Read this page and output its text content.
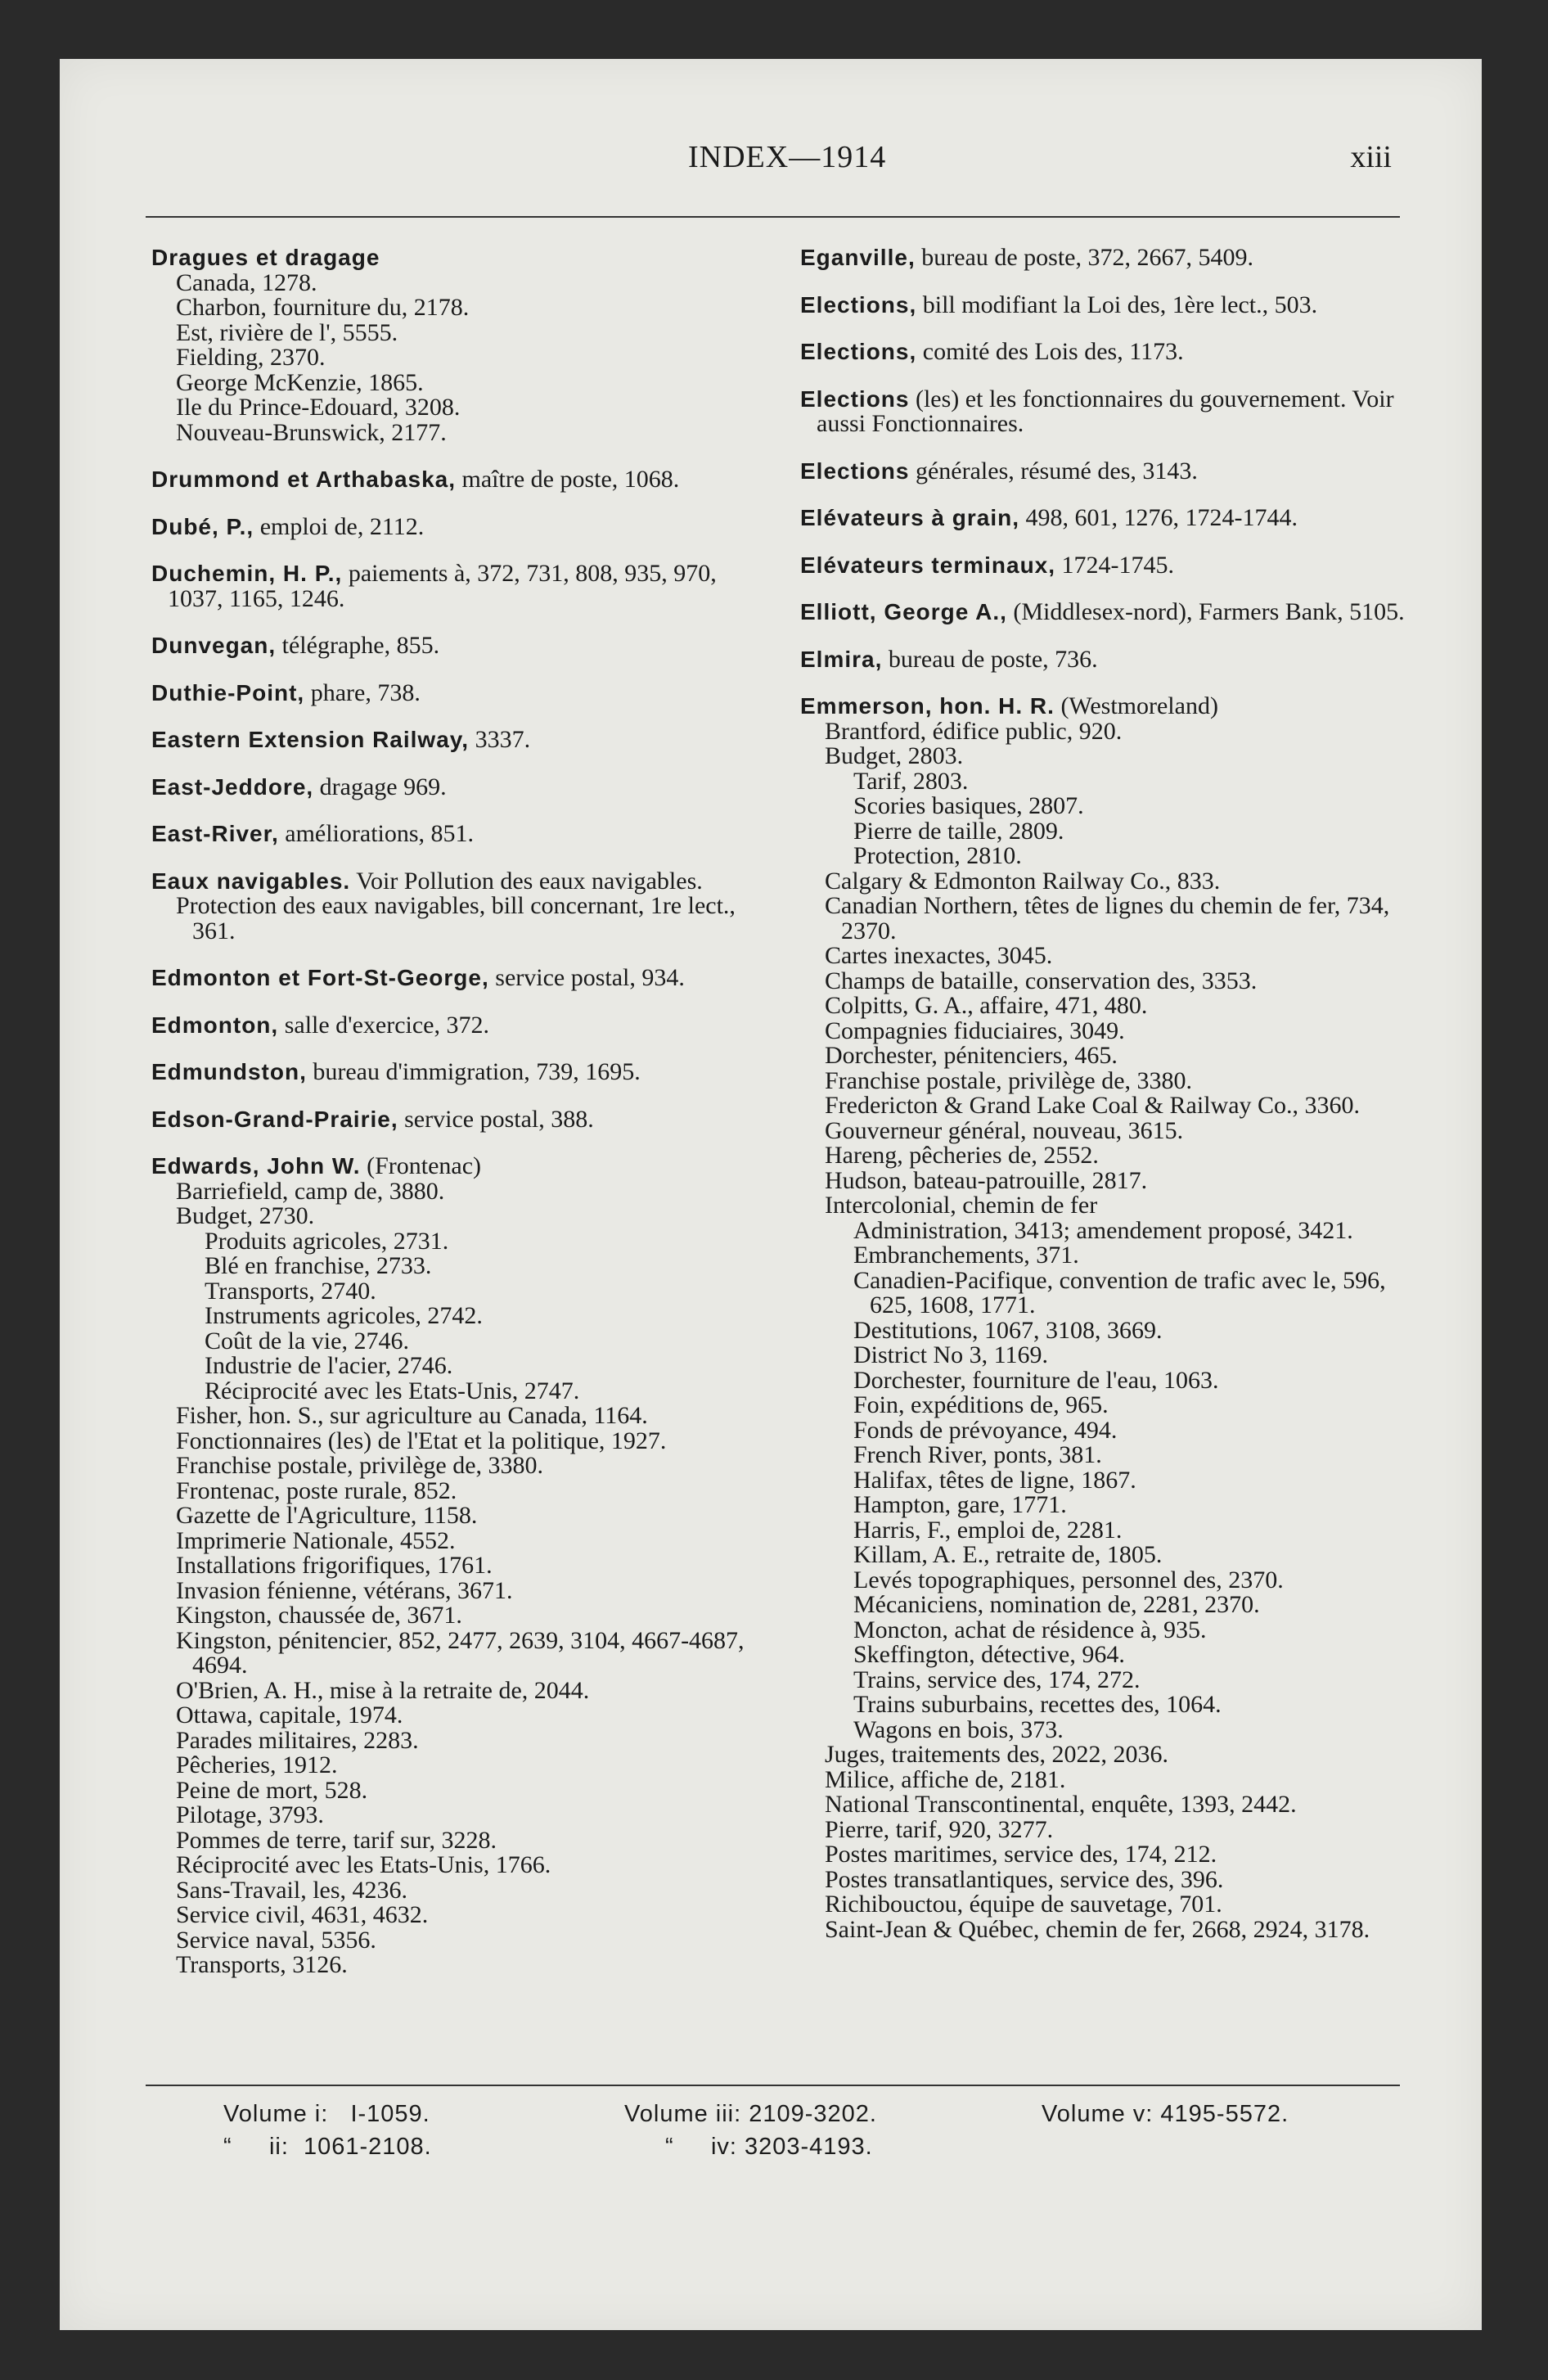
INDEX—1914	xiii
Dragues et dragage
Canada, 1278.
Charbon, fourniture du, 2178.
Est, rivière de l', 5555.
Fielding, 2370.
George McKenzie, 1865.
Ile du Prince-Edouard, 3208.
Nouveau-Brunswick, 2177.
Drummond et Arthabaska, maître de poste, 1068.
Dubé, P., emploi de, 2112.
Duchemin, H. P., paiements à, 372, 731, 808, 935, 970, 1037, 1165, 1246.
Dunvegan, télégraphe, 855.
Duthie-Point, phare, 738.
Eastern Extension Railway, 3337.
East-Jeddore, dragage 969.
East-River, améliorations, 851.
Eaux navigables. Voir Pollution des eaux navigables.
Protection des eaux navigables, bill concernant, 1re lect., 361.
Edmonton et Fort-St-George, service postal, 934.
Edmonton, salle d'exercice, 372.
Edmundston, bureau d'immigration, 739, 1695.
Edson-Grand-Prairie, service postal, 388.
Edwards, John W. (Frontenac)
Barriefield, camp de, 3880.
Budget, 2730.
Produits agricoles, 2731.
Blé en franchise, 2733.
Transports, 2740.
Instruments agricoles, 2742.
Coût de la vie, 2746.
Industrie de l'acier, 2746.
Réciprocité avec les Etats-Unis, 2747.
Fisher, hon. S., sur agriculture au Canada, 1164.
Fonctionnaires (les) de l'Etat et la politique, 1927.
Franchise postale, privilège de, 3380.
Frontenac, poste rurale, 852.
Gazette de l'Agriculture, 1158.
Imprimerie Nationale, 4552.
Installations frigorifiques, 1761.
Invasion fénienne, vétérans, 3671.
Kingston, chaussée de, 3671.
Kingston, pénitencier, 852, 2477, 2639, 3104, 4667-4687, 4694.
O'Brien, A. H., mise à la retraite de, 2044.
Ottawa, capitale, 1974.
Parades militaires, 2283.
Pêcheries, 1912.
Peine de mort, 528.
Pilotage, 3793.
Pommes de terre, tarif sur, 3228.
Réciprocité avec les Etats-Unis, 1766.
Sans-Travail, les, 4236.
Service civil, 4631, 4632.
Service naval, 5356.
Transports, 3126.
Eganville, bureau de poste, 372, 2667, 5409.
Elections, bill modifiant la Loi des, 1ère lect., 503.
Elections, comité des Lois des, 1173.
Elections (les) et les fonctionnaires du gouvernement. Voir aussi Fonctionnaires.
Elections générales, résumé des, 3143.
Elévateurs à grain, 498, 601, 1276, 1724-1744.
Elévateurs terminaux, 1724-1745.
Elliott, George A., (Middlesex-nord), Farmers Bank, 5105.
Elmira, bureau de poste, 736.
Emmerson, hon. H. R. (Westmoreland)
Brantford, édifice public, 920.
Budget, 2803.
Tarif, 2803.
Scories basiques, 2807.
Pierre de taille, 2809.
Protection, 2810.
Calgary & Edmonton Railway Co., 833.
Canadian Northern, têtes de lignes du chemin de fer, 734, 2370.
Cartes inexactes, 3045.
Champs de bataille, conservation des, 3353.
Colpitts, G. A., affaire, 471, 480.
Compagnies fiduciaires, 3049.
Dorchester, pénitenciers, 465.
Franchise postale, privilège de, 3380.
Fredericton & Grand Lake Coal & Railway Co., 3360.
Gouverneur général, nouveau, 3615.
Hareng, pêcheries de, 2552.
Hudson, bateau-patrouille, 2817.
Intercolonial, chemin de fer
Administration, 3413; amendement proposé, 3421.
Embranchements, 371.
Canadien-Pacifique, convention de trafic avec le, 596, 625, 1608, 1771.
Destitutions, 1067, 3108, 3669.
District No 3, 1169.
Dorchester, fourniture de l'eau, 1063.
Foin, expéditions de, 965.
Fonds de prévoyance, 494.
French River, ponts, 381.
Halifax, têtes de ligne, 1867.
Hampton, gare, 1771.
Harris, F., emploi de, 2281.
Killam, A. E., retraite de, 1805.
Levés topographiques, personnel des, 2370.
Mécaniciens, nomination de, 2281, 2370.
Moncton, achat de résidence à, 935.
Skeffington, détective, 964.
Trains, service des, 174, 272.
Trains suburbains, recettes des, 1064.
Wagons en bois, 373.
Juges, traitements des, 2022, 2036.
Milice, affiche de, 2181.
National Transcontinental, enquête, 1393, 2442.
Pierre, tarif, 920, 3277.
Postes maritimes, service des, 174, 212.
Postes transatlantiques, service des, 396.
Richibouctou, équipe de sauvetage, 701.
Saint-Jean & Québec, chemin de fer, 2668, 2924, 3178.
Volume i:   I-1059.
“     ii:  1061-2108.
Volume iii: 2109-3202.
“     iv: 3203-4193.
Volume v: 4195-5572.
